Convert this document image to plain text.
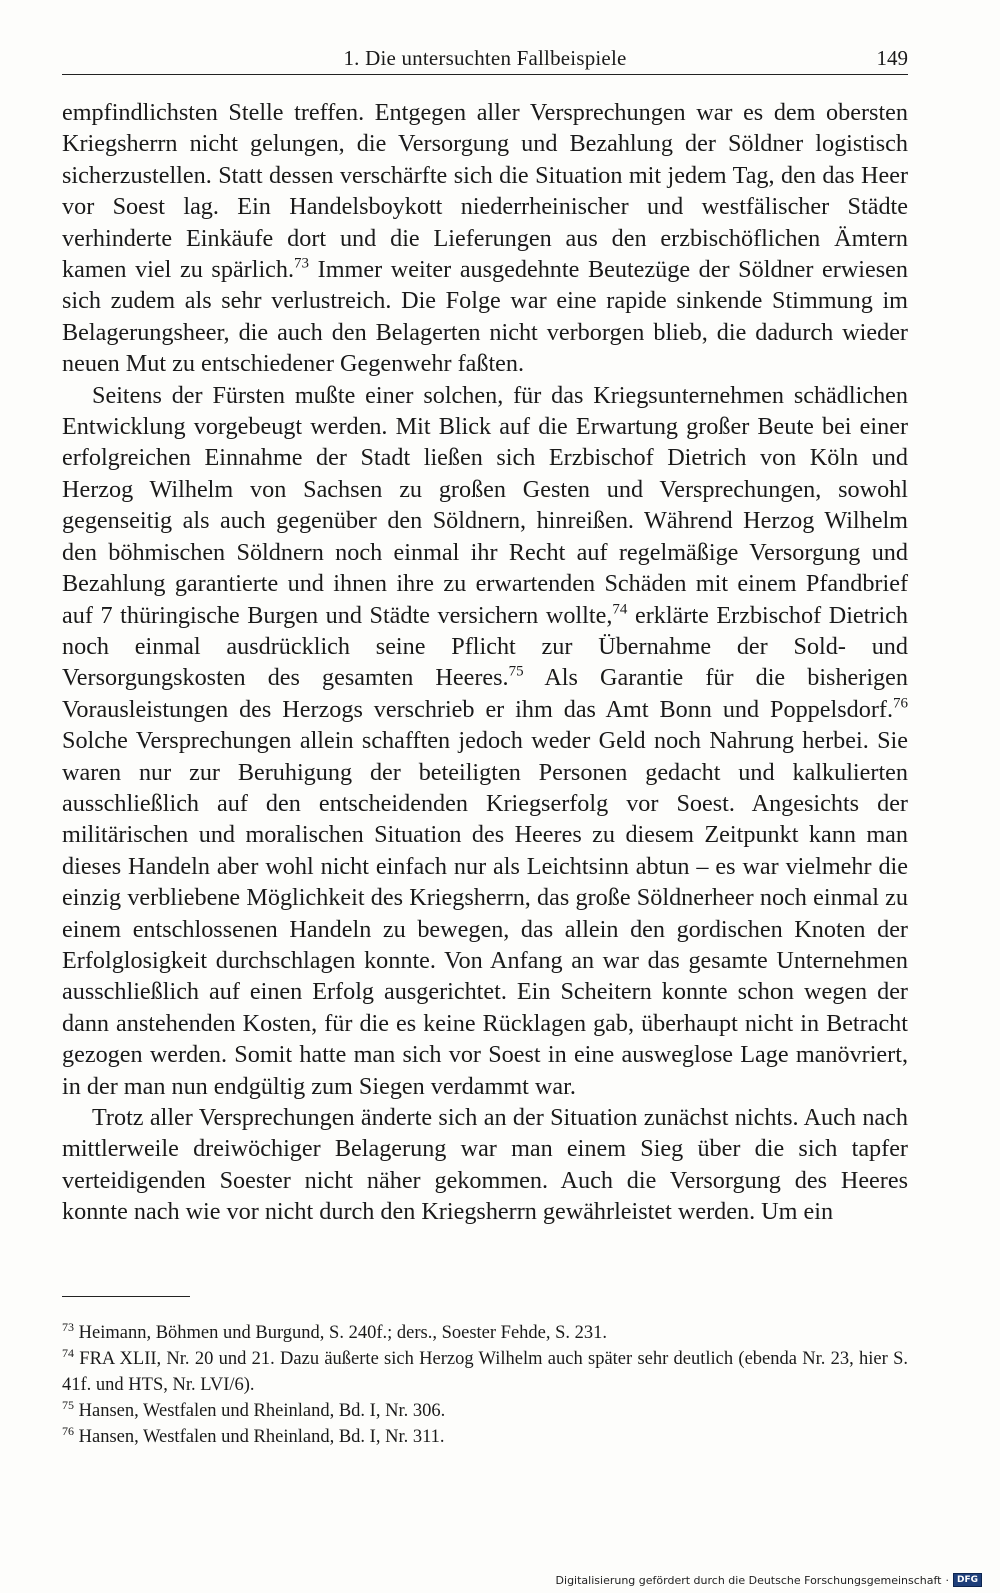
1. Die untersuchten Fallbeispiele	149

empfindlichsten Stelle treffen. Entgegen aller Versprechungen war es dem obersten Kriegsherrn nicht gelungen, die Versorgung und Bezahlung der Söldner logistisch sicherzustellen. Statt dessen verschärfte sich die Situation mit jedem Tag, den das Heer vor Soest lag. Ein Handelsboykott niederrheinischer und westfälischer Städte verhinderte Einkäufe dort und die Lieferungen aus den erzbischöflichen Ämtern kamen viel zu spärlich.$^{73}$ Immer weiter ausgedehnte Beutezüge der Söldner erwiesen sich zudem als sehr verlustreich. Die Folge war eine rapide sinkende Stimmung im Belagerungsheer, die auch den Belagerten nicht verborgen blieb, die dadurch wieder neuen Mut zu entschiedener Gegenwehr faßten.

Seitens der Fürsten mußte einer solchen, für das Kriegsunternehmen schädlichen Entwicklung vorgebeugt werden. Mit Blick auf die Erwartung großer Beute bei einer erfolgreichen Einnahme der Stadt ließen sich Erzbischof Dietrich von Köln und Herzog Wilhelm von Sachsen zu großen Gesten und Versprechungen, sowohl gegenseitig als auch gegenüber den Söldnern, hinreißen. Während Herzog Wilhelm den böhmischen Söldnern noch einmal ihr Recht auf regelmäßige Versorgung und Bezahlung garantierte und ihnen ihre zu erwartenden Schäden mit einem Pfandbrief auf 7 thüringische Burgen und Städte versichern wollte,$^{74}$ erklärte Erzbischof Dietrich noch einmal ausdrücklich seine Pflicht zur Übernahme der Sold- und Versorgungskosten des gesamten Heeres.$^{75}$ Als Garantie für die bisherigen Vorausleistungen des Herzogs verschrieb er ihm das Amt Bonn und Poppelsdorf.$^{76}$ Solche Versprechungen allein schafften jedoch weder Geld noch Nahrung herbei. Sie waren nur zur Beruhigung der beteiligten Personen gedacht und kalkulierten ausschließlich auf den entscheidenden Kriegserfolg vor Soest. Angesichts der militärischen und moralischen Situation des Heeres zu diesem Zeitpunkt kann man dieses Handeln aber wohl nicht einfach nur als Leichtsinn abtun – es war vielmehr die einzig verbliebene Möglichkeit des Kriegsherrn, das große Söldnerheer noch einmal zu einem entschlossenen Handeln zu bewegen, das allein den gordischen Knoten der Erfolglosigkeit durchschlagen konnte. Von Anfang an war das gesamte Unternehmen ausschließlich auf einen Erfolg ausgerichtet. Ein Scheitern konnte schon wegen der dann anstehenden Kosten, für die es keine Rücklagen gab, überhaupt nicht in Betracht gezogen werden. Somit hatte man sich vor Soest in eine ausweglose Lage manövriert, in der man nun endgültig zum Siegen verdammt war.

Trotz aller Versprechungen änderte sich an der Situation zunächst nichts. Auch nach mittlerweile dreiwöchiger Belagerung war man einem Sieg über die sich tapfer verteidigenden Soester nicht näher gekommen. Auch die Versorgung des Heeres konnte nach wie vor nicht durch den Kriegsherrn gewährleistet werden. Um ein

$^{73}$ Heimann, Böhmen und Burgund, S. 240f.; ders., Soester Fehde, S. 231.

$^{74}$ FRA XLII, Nr. 20 und 21. Dazu äußerte sich Herzog Wilhelm auch später sehr deutlich (ebenda Nr. 23, hier S. 41f. und HTS, Nr. LVI/6).

$^{75}$ Hansen, Westfalen und Rheinland, Bd. I, Nr. 306.

$^{76}$ Hansen, Westfalen und Rheinland, Bd. I, Nr. 311.

Digitalisierung gefördert durch die Deutsche Forschungsgemeinschaft · DFG
